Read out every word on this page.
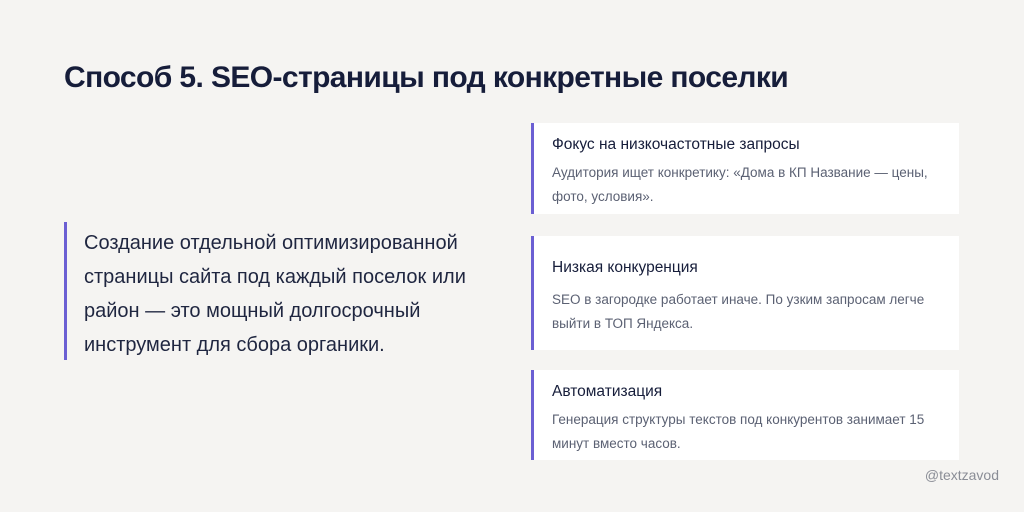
Способ 5. SEO-страницы под конкретные поселки
Создание отдельной оптимизированной страницы сайта под каждый поселок или район — это мощный долгосрочный инструмент для сбора органики.
Фокус на низкочастотные запросы
Аудитория ищет конкретику: «Дома в КП Название — цены, фото, условия».
Низкая конкуренция
SEO в загородке работает иначе. По узким запросам легче выйти в ТОП Яндекса.
Автоматизация
Генерация структуры текстов под конкурентов занимает 15 минут вместо часов.
@textzavod
